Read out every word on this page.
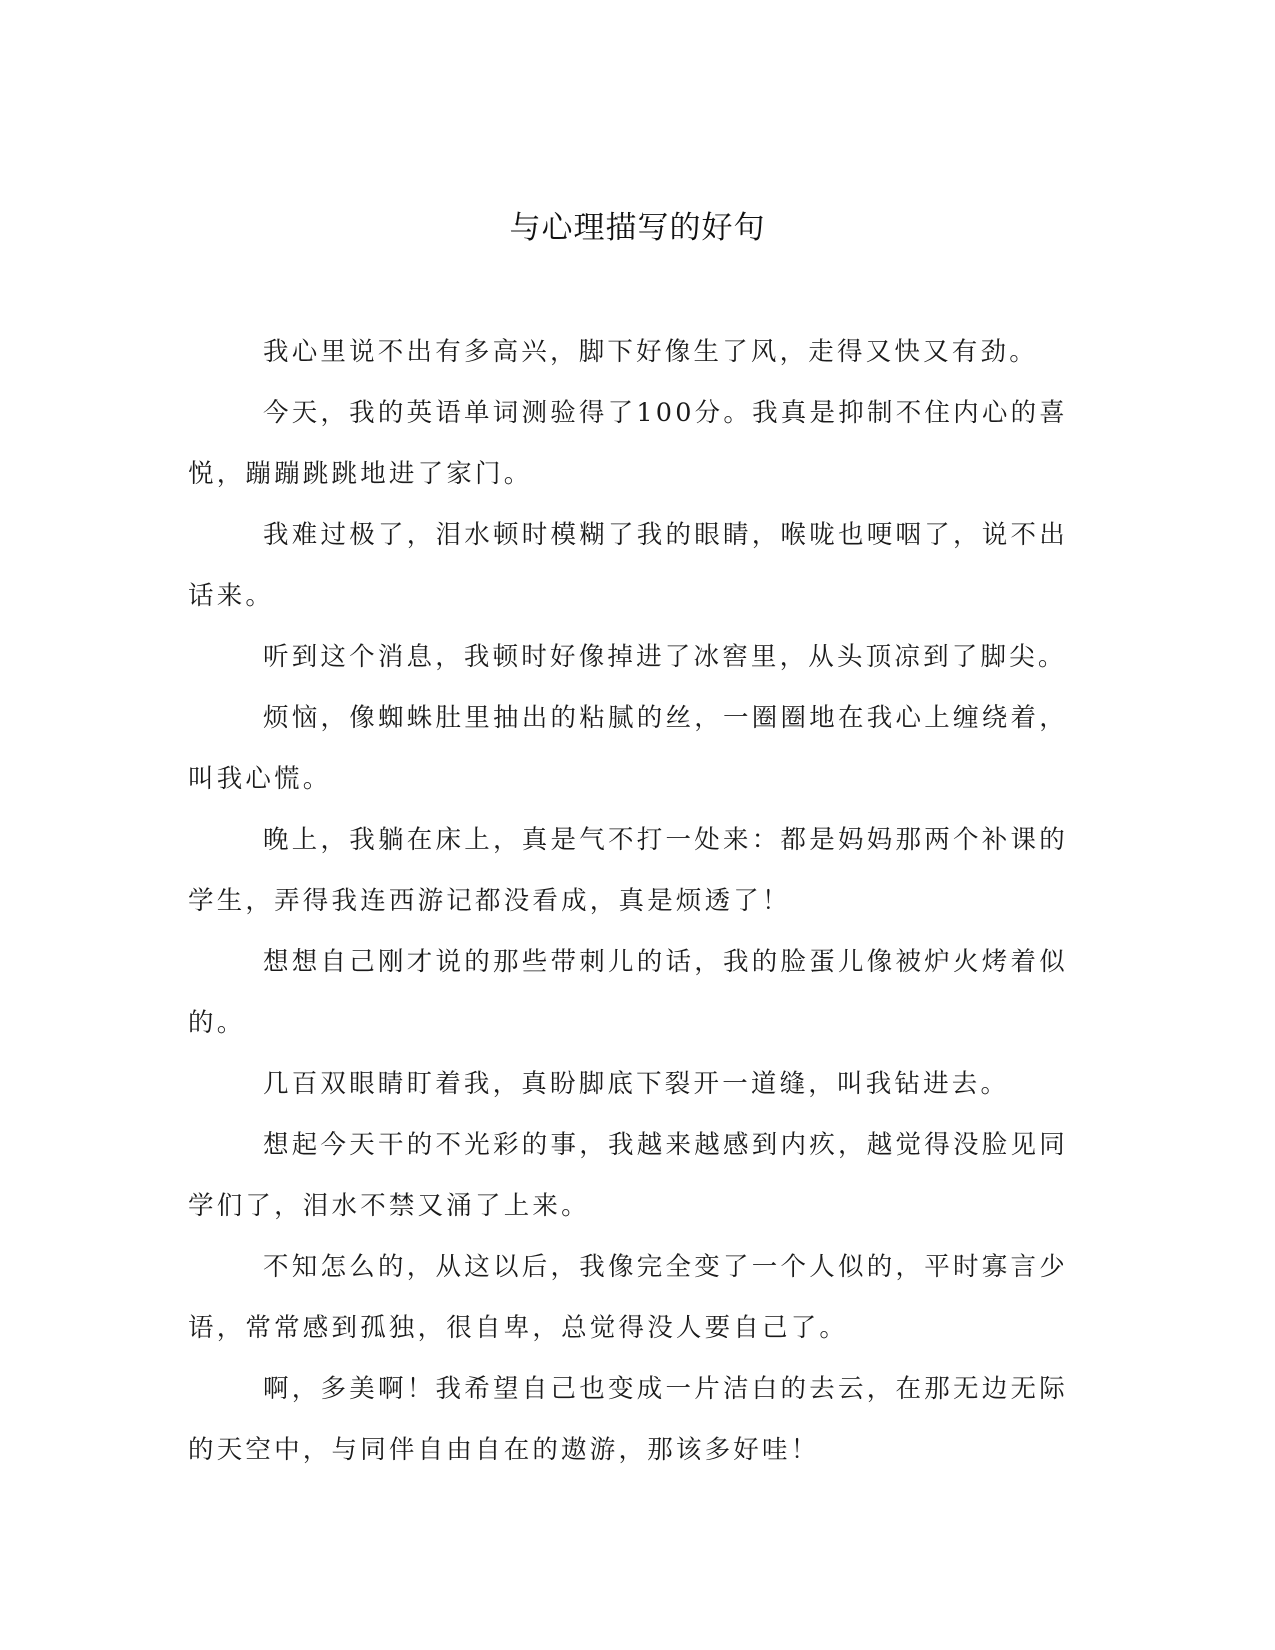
与心理描写的好句

我心里说不出有多高兴，脚下好像生了风，走得又快又有劲。

今天，我的英语单词测验得了100分。我真是抑制不住内心的喜悦，蹦蹦跳跳地进了家门。

我难过极了，泪水顿时模糊了我的眼睛，喉咙也哽咽了，说不出话来。

听到这个消息，我顿时好像掉进了冰窖里，从头顶凉到了脚尖。

烦恼，像蜘蛛肚里抽出的粘腻的丝，一圈圈地在我心上缠绕着，叫我心慌。

晚上，我躺在床上，真是气不打一处来：都是妈妈那两个补课的学生，弄得我连西游记都没看成，真是烦透了！

想想自己刚才说的那些带刺儿的话，我的脸蛋儿像被炉火烤着似的。

几百双眼睛盯着我，真盼脚底下裂开一道缝，叫我钻进去。

想起今天干的不光彩的事，我越来越感到内疚，越觉得没脸见同学们了，泪水不禁又涌了上来。

不知怎么的，从这以后，我像完全变了一个人似的，平时寡言少语，常常感到孤独，很自卑，总觉得没人要自己了。

啊，多美啊！我希望自己也变成一片洁白的去云，在那无边无际的天空中，与同伴自由自在的遨游，那该多好哇！
